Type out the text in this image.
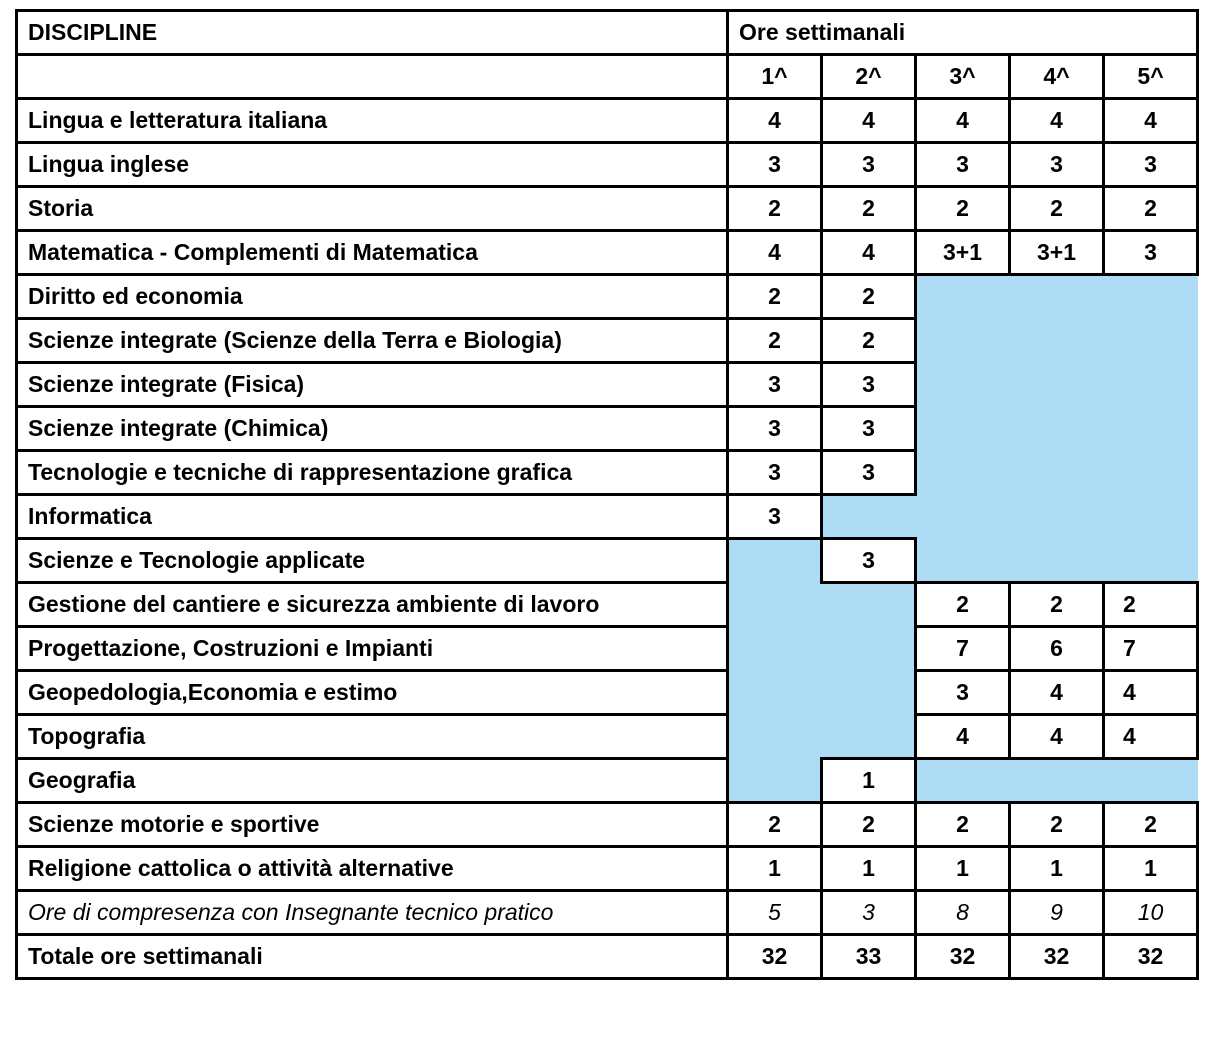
DISCIPLINE	Ore settimanali				
	1^	2^	3^	4^	5^
Lingua e letteratura italiana	4	4	4	4	4
Lingua inglese	3	3	3	3	3
Storia	2	2	2	2	2
Matematica - Complementi di Matematica	4	4	3+1	3+1	3
Diritto ed economia	2	2			
Scienze integrate (Scienze della Terra e Biologia)	2	2			
Scienze integrate (Fisica)	3	3			
Scienze integrate (Chimica)	3	3			
Tecnologie e tecniche di rappresentazione grafica	3	3			
Informatica	3				
Scienze e Tecnologie applicate		3			
Gestione del cantiere e sicurezza ambiente di lavoro			2	2	2
Progettazione, Costruzioni e Impianti			7	6	7
Geopedologia,Economia e estimo			3	4	4
Topografia			4	4	4
Geografia		1			
Scienze motorie e sportive	2	2	2	2	2
Religione cattolica o attività alternative	1	1	1	1	1
Ore di compresenza con Insegnante tecnico pratico	5	3	8	9	10
Totale ore settimanali	32	33	32	32	32
